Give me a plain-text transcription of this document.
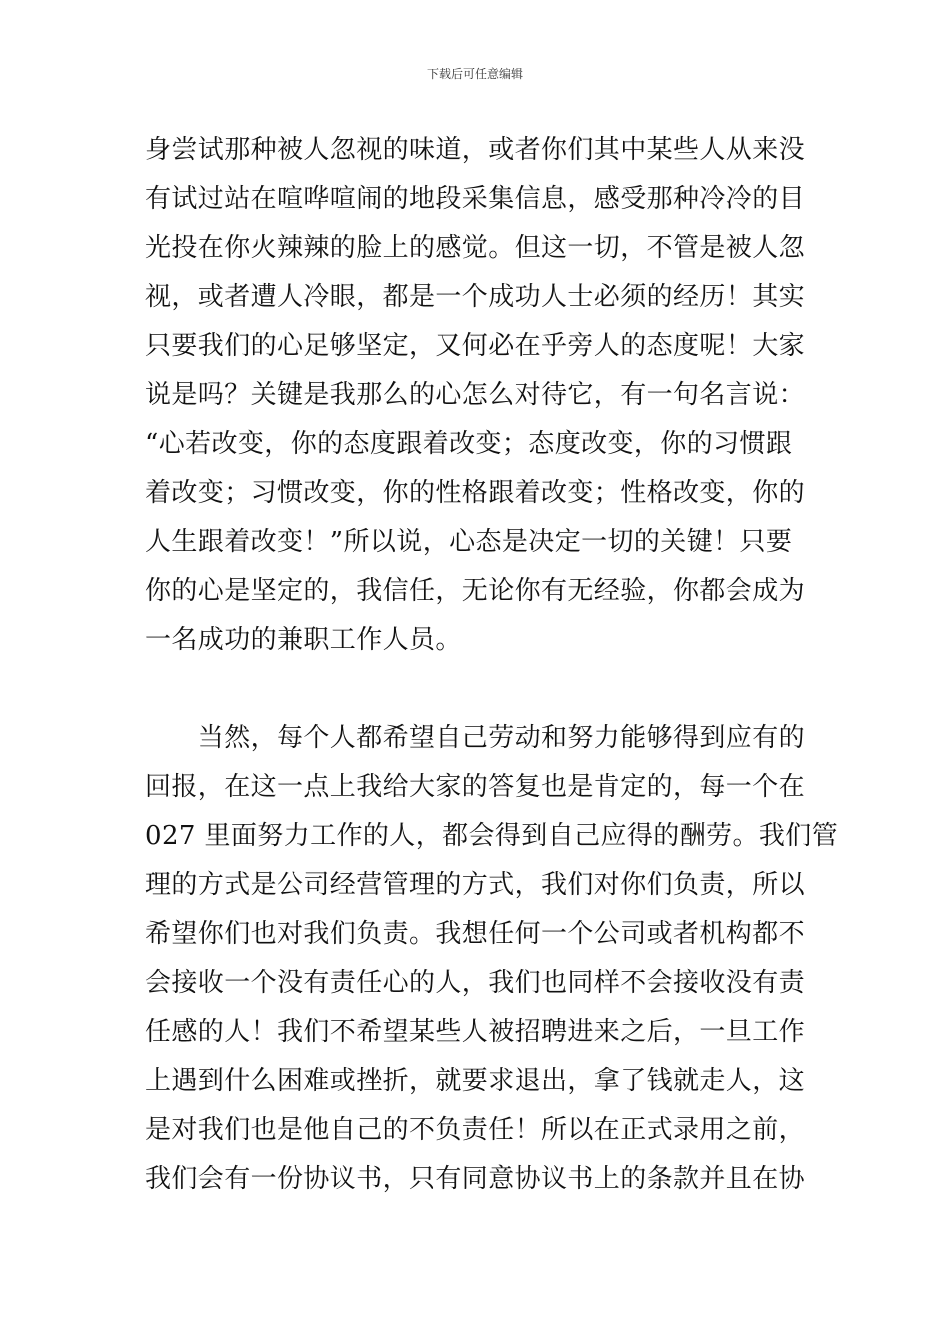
下载后可任意编辑
身尝试那种被人忽视的味道，或者你们其中某些人从来没
有试过站在喧哗喧闹的地段采集信息，感受那种冷冷的目
光投在你火辣辣的脸上的感觉。但这一切，不管是被人忽
视，或者遭人冷眼，都是一个成功人士必须的经历！其实
只要我们的心足够坚定，又何必在乎旁人的态度呢！大家
说是吗？关键是我那么的心怎么对待它，有一句名言说：
“心若改变，你的态度跟着改变；态度改变，你的习惯跟
着改变；习惯改变，你的性格跟着改变；性格改变，你的
人生跟着改变！”所以说，心态是决定一切的关键！只要
你的心是坚定的，我信任，无论你有无经验，你都会成为
一名成功的兼职工作人员。
　　当然，每个人都希望自己劳动和努力能够得到应有的
回报，在这一点上我给大家的答复也是肯定的，每一个在
027 里面努力工作的人，都会得到自己应得的酬劳。我们管
理的方式是公司经营管理的方式，我们对你们负责，所以
希望你们也对我们负责。我想任何一个公司或者机构都不
会接收一个没有责任心的人，我们也同样不会接收没有责
任感的人！我们不希望某些人被招聘进来之后，一旦工作
上遇到什么困难或挫折，就要求退出，拿了钱就走人，这
是对我们也是他自己的不负责任！所以在正式录用之前，
我们会有一份协议书，只有同意协议书上的条款并且在协
